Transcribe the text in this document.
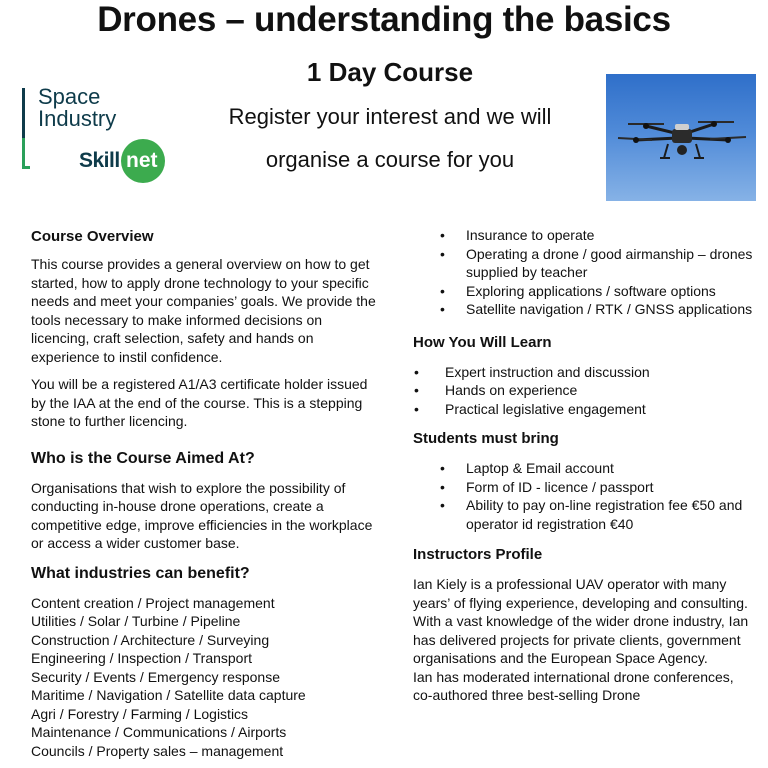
Drones – understanding the basics
1 Day Course
Register your interest and we will
organise a course for you
Space
Industry
Skill net
Course Overview

This course provides a general overview on how to get started, how to apply drone technology to your specific needs and meet your companies’ goals. We provide the tools necessary to make informed decisions on licencing, craft selection, safety and hands on experience to instil confidence.

You will be a registered A1/A3 certificate holder issued by the IAA at the end of the course. This is a stepping stone to further licencing.

Who is the Course Aimed At?

Organisations that wish to explore the possibility of conducting in-house drone operations, create a competitive edge, improve efficiencies in the workplace or access a wider customer base.

What industries can benefit?
Content creation / Project management
Utilities / Solar / Turbine / Pipeline
Construction / Architecture / Surveying
Engineering / Inspection / Transport
Security / Events / Emergency response
Maritime / Navigation / Satellite data capture
Agri / Forestry / Farming / Logistics
Maintenance / Communications / Airports
Councils / Property sales – management
• Insurance to operate
• Operating a drone / good airmanship – drones supplied by teacher
• Exploring applications / software options
• Satellite navigation / RTK / GNSS applications
How You Will Learn
• Expert instruction and discussion
• Hands on experience
• Practical legislative engagement
Students must bring
• Laptop & Email account
• Form of ID - licence / passport
• Ability to pay on-line registration fee €50 and operator id registration €40
Instructors Profile

Ian Kiely is a professional UAV operator with many years’ of flying experience, developing and consulting. With a vast knowledge of the wider drone industry, Ian has delivered projects for private clients, government organisations and the European Space Agency.

Ian has moderated international drone conferences, co-authored three best-selling Drone
